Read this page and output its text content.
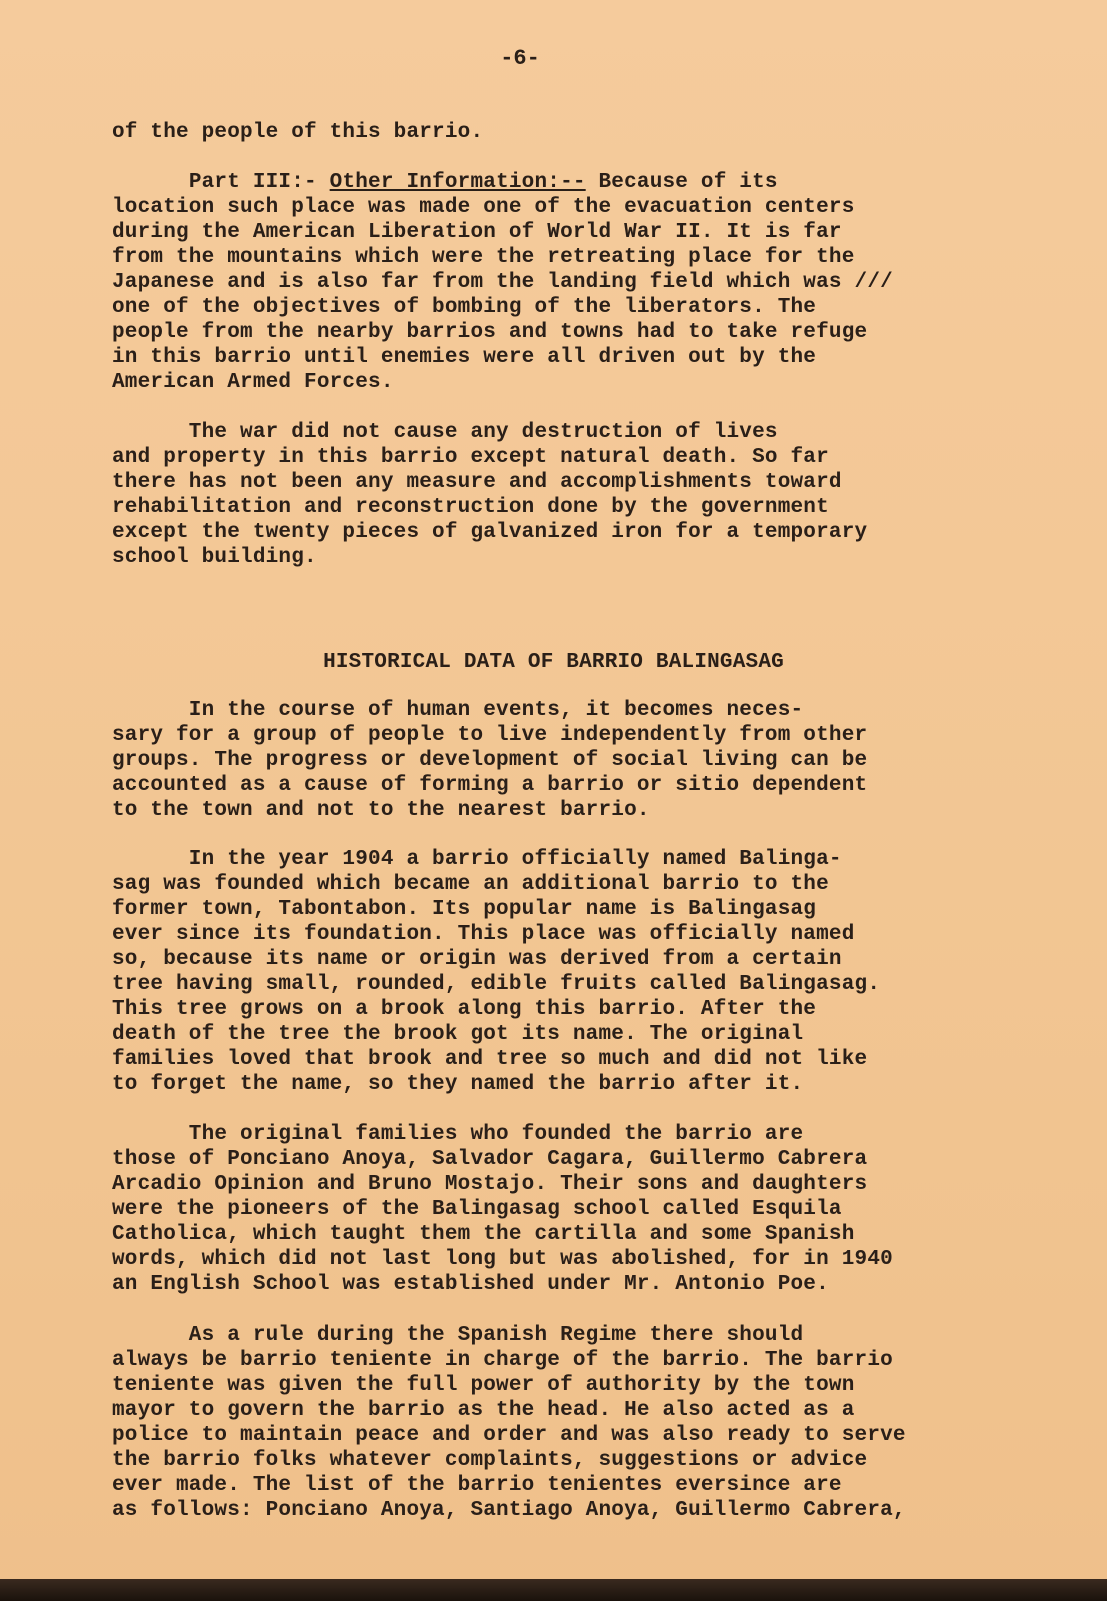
-6-
of the people of this barrio.
Part III:- Other Information:-- Because of its
location such place was made one of the evacuation centers
during the American Liberation of World War II. It is far
from the mountains which were the retreating place for the
Japanese and is also far from the landing field which was ///
one of the objectives of bombing of the liberators. The
people from the nearby barrios and towns had to take refuge
in this barrio until enemies were all driven out by the
American Armed Forces.
The war did not cause any destruction of lives
and property in this barrio except natural death. So far
there has not been any measure and accomplishments toward
rehabilitation and reconstruction done by the government
except the twenty pieces of galvanized iron for a temporary
school building.
HISTORICAL DATA OF BARRIO BALINGASAG
In the course of human events, it becomes neces-
sary for a group of people to live independently from other
groups. The progress or development of social living can be
accounted as a cause of forming a barrio or sitio dependent
to the town and not to the nearest barrio.
In the year 1904 a barrio officially named Balinga-
sag was founded which became an additional barrio to the
former town, Tabontabon. Its popular name is Balingasag
ever since its foundation. This place was officially named
so, because its name or origin was derived from a certain
tree having small, rounded, edible fruits called Balingasag.
This tree grows on a brook along this barrio. After the
death of the tree the brook got its name. The original
families loved that brook and tree so much and did not like
to forget the name, so they named the barrio after it.
The original families who founded the barrio are
those of Ponciano Anoya, Salvador Cagara, Guillermo Cabrera
Arcadio Opinion and Bruno Mostajo. Their sons and daughters
were the pioneers of the Balingasag school called Esquila
Catholica, which taught them the cartilla and some Spanish
words, which did not last long but was abolished, for in 1940
an English School was established under Mr. Antonio Poe.
As a rule during the Spanish Regime there should
always be barrio teniente in charge of the barrio. The barrio
teniente was given the full power of authority by the town
mayor to govern the barrio as the head. He also acted as a
police to maintain peace and order and was also ready to serve
the barrio folks whatever complaints, suggestions or advice
ever made. The list of the barrio tenientes eversince are
as follows: Ponciano Anoya, Santiago Anoya, Guillermo Cabrera,
